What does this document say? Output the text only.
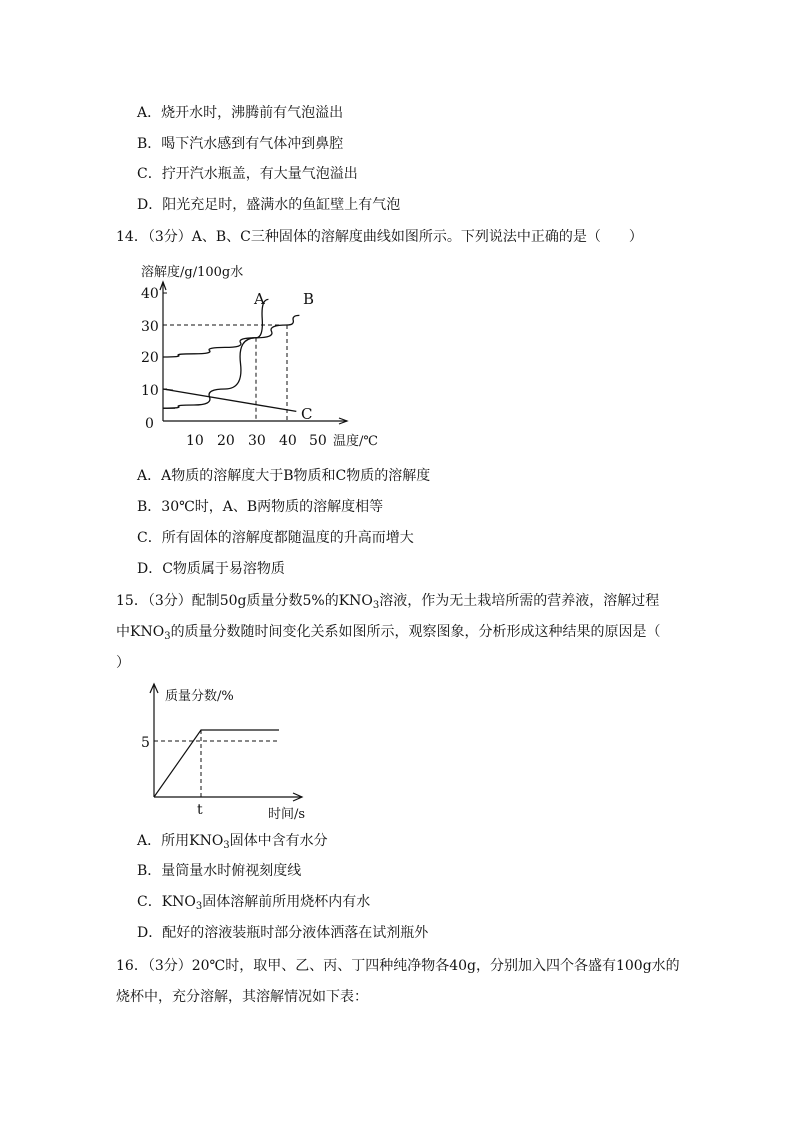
A．烧开水时，沸腾前有气泡溢出
B．喝下汽水感到有气体冲到鼻腔
C．拧开汽水瓶盖，有大量气泡溢出
D．阳光充足时，盛满水的鱼缸壁上有气泡
14．（3分）A、B、C三种固体的溶解度曲线如图所示。下列说法中正确的是（　　）
溶解度/g/100g水
温度/℃
40
30
20
10
0
10 20 30 40 50
A	B
C
A．A物质的溶解度大于B物质和C物质的溶解度
B．30℃时，A、B两物质的溶解度相等
C．所有固体的溶解度都随温度的升高而增大
D．C物质属于易溶物质
15．（3分）配制50g质量分数5%的$KNO_3$溶液，作为无土栽培所需的营养液，溶解过程
中$KNO_3$的质量分数随时间变化关系如图所示，观察图象，分析形成这种结果的原因是（
）
质量分数/%
5
t	时间/s
A．所用$KNO_3$固体中含有水分
B．量筒量水时俯视刻度线
C．$KNO_3$固体溶解前所用烧杯内有水
D．配好的溶液装瓶时部分液体洒落在试剂瓶外
16．（3分）20℃时，取甲、乙、丙、丁四种纯净物各40g，分别加入四个各盛有100g水的
烧杯中，充分溶解，其溶解情况如下表：
